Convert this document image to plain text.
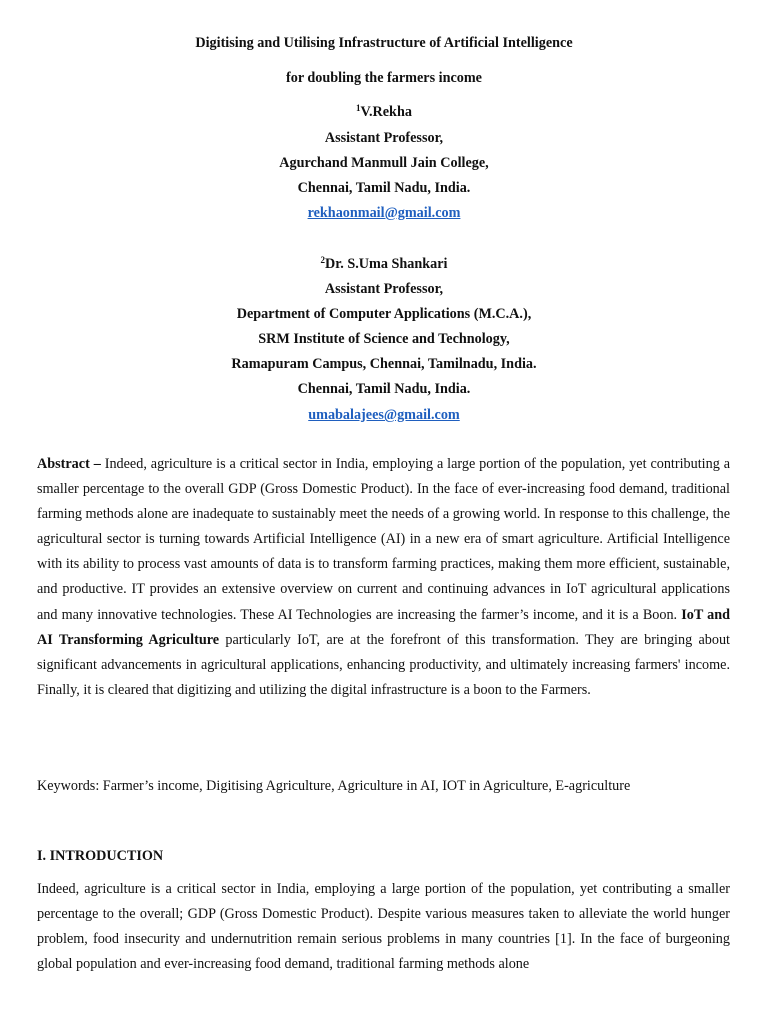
Digitising and Utilising Infrastructure of Artificial Intelligence
for doubling the farmers income
$^1$V.Rekha
Assistant Professor,
Agurchand Manmull Jain College,
Chennai, Tamil Nadu, India.
rekhaonmail@gmail.com
$^2$Dr. S.Uma Shankari
Assistant Professor,
Department of Computer Applications (M.C.A.),
SRM Institute of Science and Technology,
Ramapuram Campus, Chennai, Tamilnadu, India.
Chennai, Tamil Nadu, India.
umabalajees@gmail.com

Abstract – Indeed, agriculture is a critical sector in India, employing a large portion of the population, yet contributing a smaller percentage to the overall GDP (Gross Domestic Product). In the face of ever-increasing food demand, traditional farming methods alone are inadequate to sustainably meet the needs of a growing world. In response to this challenge, the agricultural sector is turning towards Artificial Intelligence (AI) in a new era of smart agriculture. Artificial Intelligence with its ability to process vast amounts of data is to transform farming practices, making them more efficient, sustainable, and productive. IT provides an extensive overview on current and continuing advances in IoT agricultural applications and many innovative technologies. These AI Technologies are increasing the farmer’s income, and it is a Boon. IoT and AI Transforming Agriculture particularly IoT, are at the forefront of this transformation. They are bringing about significant advancements in agricultural applications, enhancing productivity, and ultimately increasing farmers' income. Finally, it is cleared that digitizing and utilizing the digital infrastructure is a boon to the Farmers.

Keywords: Farmer’s income, Digitising Agriculture, Agriculture in AI, IOT in Agriculture, E-agriculture
I. INTRODUCTION

Indeed, agriculture is a critical sector in India, employing a large portion of the population, yet contributing a smaller percentage to the overall; GDP (Gross Domestic Product). Despite various measures taken to alleviate the world hunger problem, food insecurity and undernutrition remain serious problems in many countries [1]. In the face of burgeoning global population and ever-increasing food demand, traditional farming methods alone
